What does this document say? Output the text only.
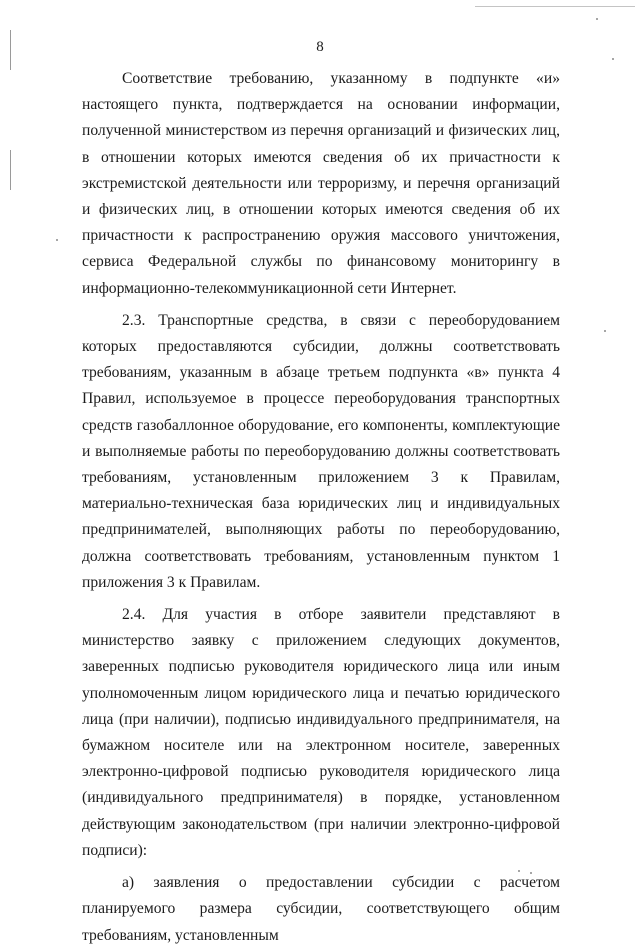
8

Соответствие требованию, указанному в подпункте «и» настоящего пункта, подтверждается на основании информации, полученной министерством из перечня организаций и физических лиц, в отношении которых имеются сведения об их причастности к экстремистской деятельности или терроризму, и перечня организаций и физических лиц, в отношении которых имеются сведения об их причастности к распространению оружия массового уничтожения, сервиса Федеральной службы по финансовому мониторингу в информационно-телекоммуникационной сети Интернет.

2.3. Транспортные средства, в связи с переоборудованием которых предоставляются субсидии, должны соответствовать требованиям, указанным в абзаце третьем подпункта «в» пункта 4 Правил, используемое в процессе переоборудования транспортных средств газобаллонное оборудование, его компоненты, комплектующие и выполняемые работы по переоборудованию должны соответствовать требованиям, установленным приложением 3 к Правилам, материально-техническая база юридических лиц и индивидуальных предпринимателей, выполняющих работы по переоборудованию, должна соответствовать требованиям, установленным пунктом 1 приложения 3 к Правилам.

2.4. Для участия в отборе заявители представляют в министерство заявку с приложением следующих документов, заверенных подписью руководителя юридического лица или иным уполномоченным лицом юридического лица и печатью юридического лица (при наличии), подписью индивидуального предпринимателя, на бумажном носителе или на электронном носителе, заверенных электронно-цифровой подписью руководителя юридического лица (индивидуального предпринимателя) в порядке, установленном действующим законодательством (при наличии электронно-цифровой подписи):

а) заявления о предоставлении субсидии с расчетом планируемого размера субсидии, соответствующего общим требованиям, установленным
